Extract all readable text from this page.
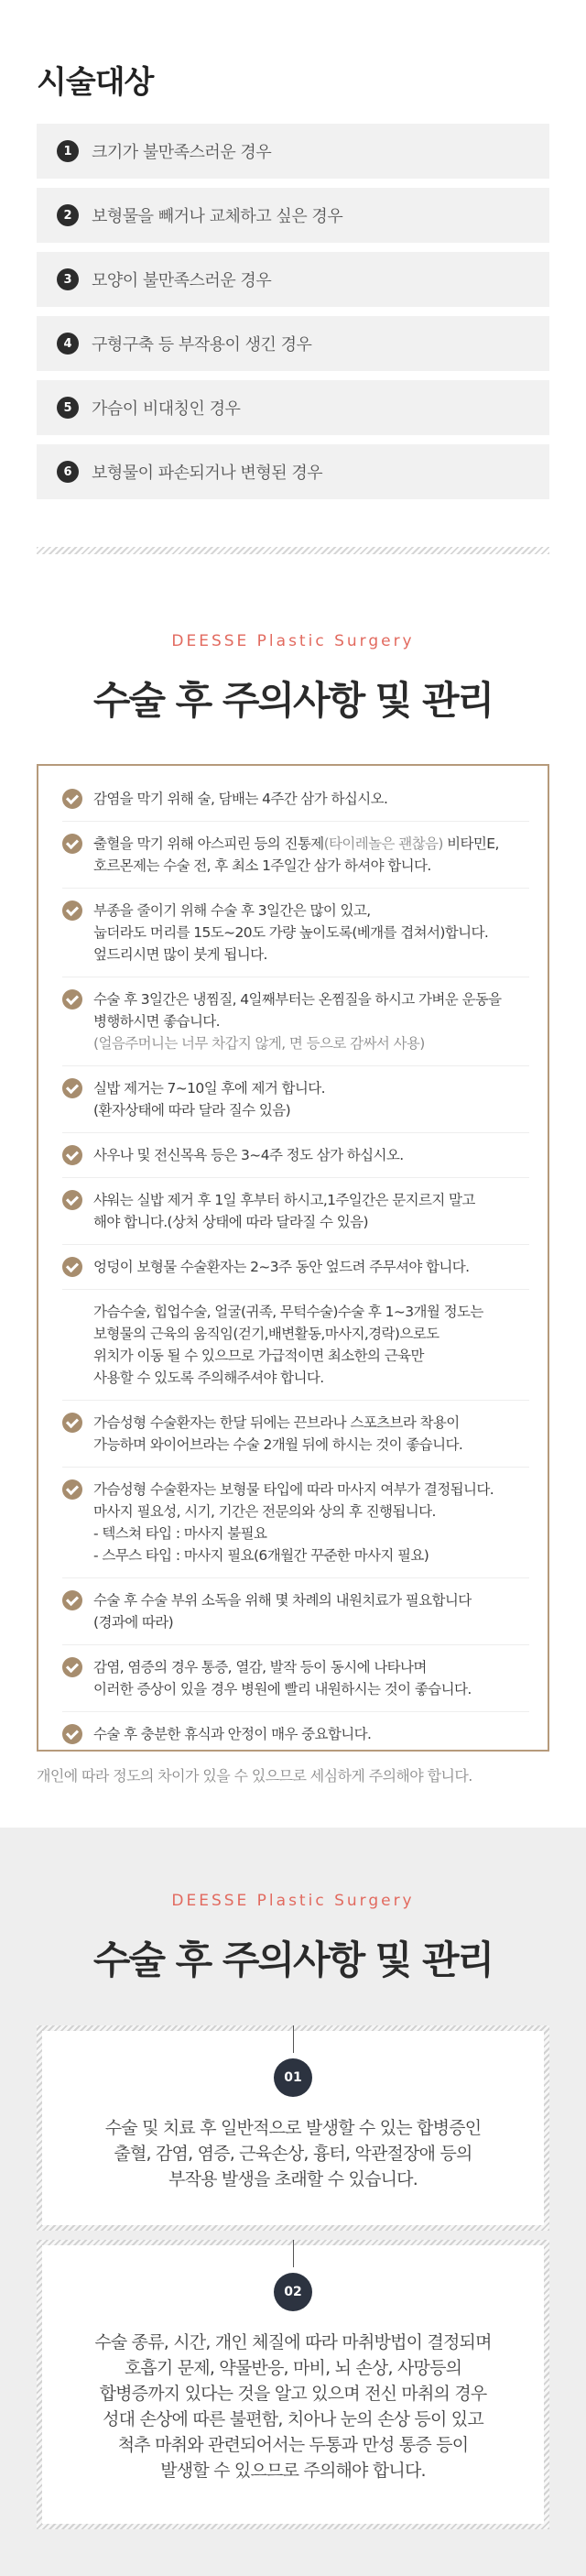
시술대상
1	크기가 불만족스러운 경우
2	보형물을 빼거나 교체하고 싶은 경우
3	모양이 불만족스러운 경우
4	구형구축 등 부작용이 생긴 경우
5	가슴이 비대칭인 경우
6	보형물이 파손되거나 변형된 경우
DEESSE Plastic Surgery
수술 후 주의사항 및 관리
감염을 막기 위해 술, 담배는 4주간 삼가 하십시오.
출혈을 막기 위해 아스피린 등의 진통제(타이레놀은 괜찮음) 비타민E,
호르몬제는 수술 전, 후 최소 1주일간 삼가 하셔야 합니다.
부종을 줄이기 위해 수술 후 3일간은 많이 있고,
눕더라도 머리를 15도~20도 가량 높이도록(베개를 겹쳐서)합니다.
엎드리시면 많이 붓게 됩니다.
수술 후 3일간은 냉찜질, 4일째부터는 온찜질을 하시고 가벼운 운동을
병행하시면 좋습니다.
(얼음주머니는 너무 차갑지 않게, 면 등으로 감싸서 사용)
실밥 제거는 7~10일 후에 제거 합니다.
(환자상태에 따라 달라 질수 있음)
사우나 및 전신목욕 등은 3~4주 정도 삼가 하십시오.
샤워는 실밥 제거 후 1일 후부터 하시고,1주일간은 문지르지 말고
해야 합니다.(상처 상태에 따라 달라질 수 있음)
엉덩이 보형물 수술환자는 2~3주 동안 엎드려 주무셔야 합니다.
가슴수술, 힙업수술, 얼굴(귀족, 무턱수술)수술 후 1~3개월 정도는
보형물의 근육의 움직임(걷기,배변활동,마사지,경락)으로도
위치가 이동 될 수 있으므로 가급적이면 최소한의 근육만
사용할 수 있도록 주의해주셔야 합니다.
가슴성형 수술환자는 한달 뒤에는 끈브라나 스포츠브라 착용이
가능하며 와이어브라는 수술 2개월 뒤에 하시는 것이 좋습니다.
가슴성형 수술환자는 보형물 타입에 따라 마사지 여부가 결정됩니다.
마사지 필요성, 시기, 기간은 전문의와 상의 후 진행됩니다.
- 텍스쳐 타입 : 마사지 불필요
- 스무스 타입 : 마사지 필요(6개월간 꾸준한 마사지 필요)
수술 후 수술 부위 소독을 위해 몇 차례의 내원치료가 필요합니다
(경과에 따라)
감염, 염증의 경우 통증, 열감, 발작 등이 동시에 나타나며
이러한 증상이 있을 경우 병원에 빨리 내원하시는 것이 좋습니다.
수술 후 충분한 휴식과 안정이 매우 중요합니다.

개인에 따라 정도의 차이가 있을 수 있으므로 세심하게 주의해야 합니다.

DEESSE Plastic Surgery
수술 후 주의사항 및 관리
01
수술 및 치료 후 일반적으로 발생할 수 있는 합병증인
출혈, 감염, 염증, 근육손상, 흉터, 악관절장애 등의
부작용 발생을 초래할 수 있습니다.
02
수술 종류, 시간, 개인 체질에 따라 마취방법이 결정되며
호흡기 문제, 약물반응, 마비, 뇌 손상, 사망등의
합병증까지 있다는 것을 알고 있으며 전신 마취의 경우
성대 손상에 따른 불편함, 치아나 눈의 손상 등이 있고
척추 마취와 관련되어서는 두통과 만성 통증 등이
발생할 수 있으므로 주의해야 합니다.
